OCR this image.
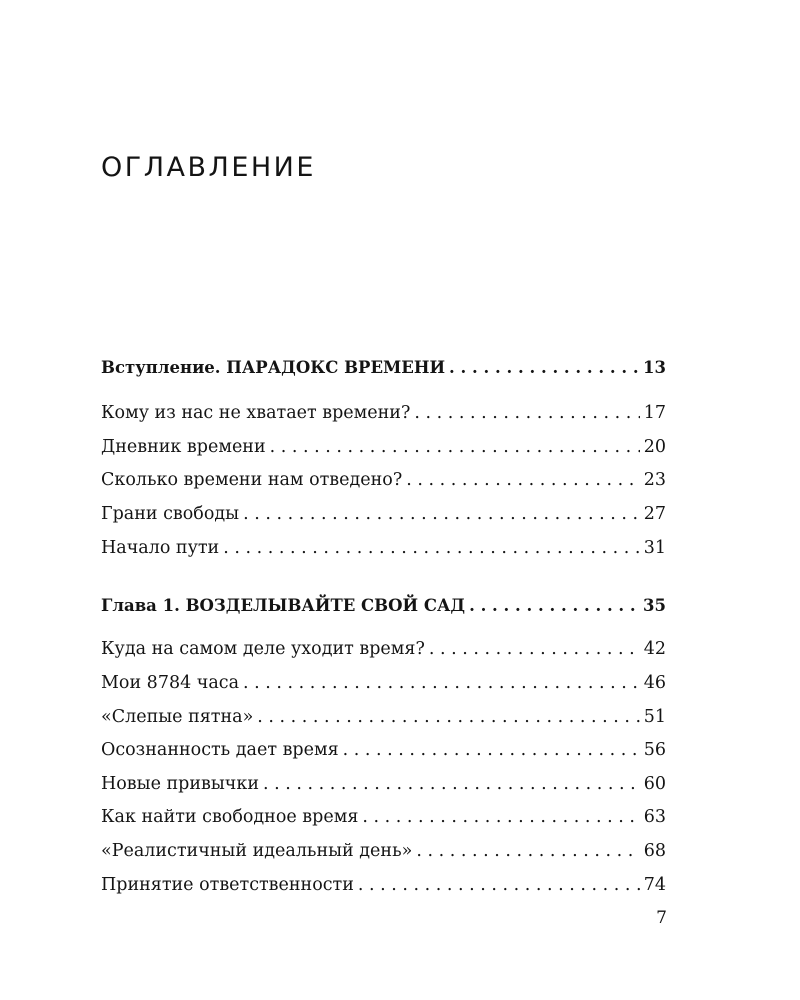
ОГЛАВЛЕНИЕ
Вступление. ПАРАДОКС ВРЕМЕНИ . . .	13
Кому из нас не хватает времени? . . .	17
Дневник времени . . .	20
Сколько времени нам отведено? . . .	23
Грани свободы . . .	27
Начало пути . . .	31
Глава 1. ВОЗДЕЛЫВАЙТЕ СВОЙ САД . . .	35
Куда на самом деле уходит время? . . .	42
Мои 8784 часа . . .	46
«Слепые пятна» . . .	51
Осознанность дает время . . .	56
Новые привычки . . .	60
Как найти свободное время . . .	63
«Реалистичный идеальный день» . . .	68
Принятие ответственности . . .	74
7
